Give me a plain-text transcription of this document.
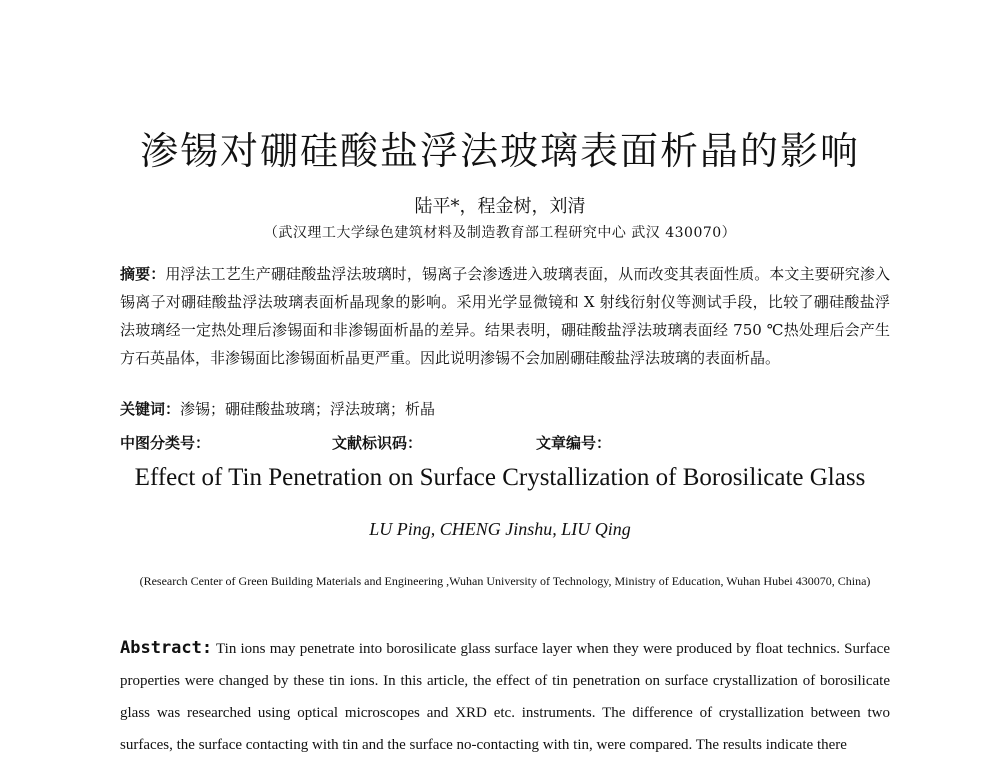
渗锡对硼硅酸盐浮法玻璃表面析晶的影响
陆平*，程金树，刘清
（武汉理工大学绿色建筑材料及制造教育部工程研究中心 武汉 430070）
摘要：用浮法工艺生产硼硅酸盐浮法玻璃时，锡离子会渗透进入玻璃表面，从而改变其表面性质。本文主要研究渗入锡离子对硼硅酸盐浮法玻璃表面析晶现象的影响。采用光学显微镜和 X 射线衍射仪等测试手段，比较了硼硅酸盐浮法玻璃经一定热处理后渗锡面和非渗锡面析晶的差异。结果表明，硼硅酸盐浮法玻璃表面经 750 ℃热处理后会产生方石英晶体，非渗锡面比渗锡面析晶更严重。因此说明渗锡不会加剧硼硅酸盐浮法玻璃的表面析晶。
关键词：渗锡；硼硅酸盐玻璃；浮法玻璃；析晶
中图分类号：	文献标识码：	文章编号：
Effect of Tin Penetration on Surface Crystallization of Borosilicate Glass
LU Ping, CHENG Jinshu, LIU Qing
(Research Center of Green Building Materials and Engineering ,Wuhan University of Technology, Ministry of Education, Wuhan Hubei 430070, China)
Abstract: Tin ions may penetrate into borosilicate glass surface layer when they were produced by float technics. Surface properties were changed by these tin ions. In this article, the effect of tin penetration on surface crystallization of borosilicate glass was researched using optical microscopes and XRD etc. instruments. The difference of crystallization between two surfaces, the surface contacting with tin and the surface no-contacting with tin, were compared. The results indicate there
